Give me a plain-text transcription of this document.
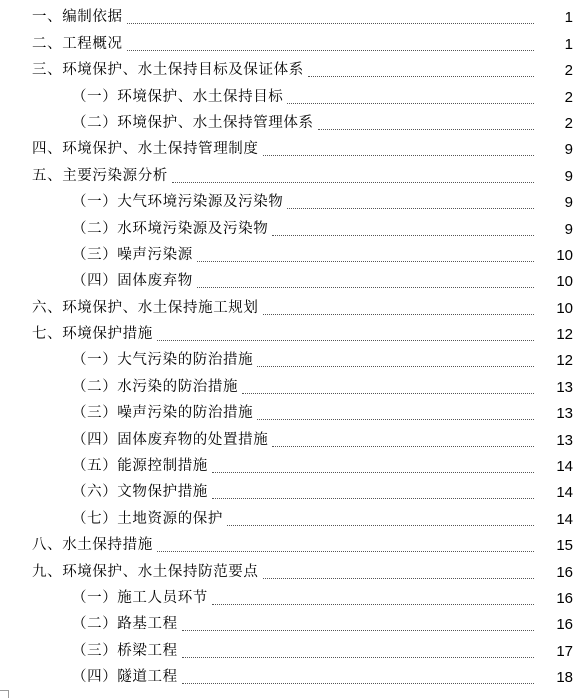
一、编制依据	1
二、工程概况	1
三、环境保护、水土保持目标及保证体系	2
（一）环境保护、水土保持目标	2
（二）环境保护、水土保持管理体系	2
四、环境保护、水土保持管理制度	9
五、主要污染源分析	9
（一）大气环境污染源及污染物	9
（二）水环境污染源及污染物	9
（三）噪声污染源	10
（四）固体废弃物	10
六、环境保护、水土保持施工规划	10
七、环境保护措施	12
（一）大气污染的防治措施	12
（二）水污染的防治措施	13
（三）噪声污染的防治措施	13
（四）固体废弃物的处置措施	13
（五）能源控制措施	14
（六）文物保护措施	14
（七）土地资源的保护	14
八、水土保持措施	15
九、环境保护、水土保持防范要点	16
（一）施工人员环节	16
（二）路基工程	16
（三）桥梁工程	17
（四）隧道工程	18
